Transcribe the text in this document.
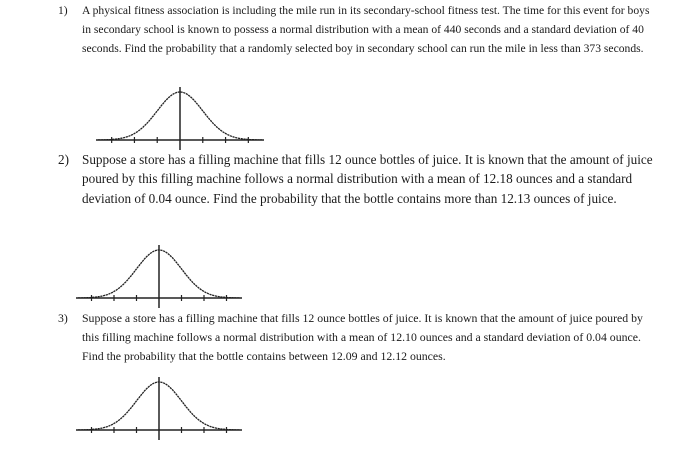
1) A physical fitness association is including the mile run in its secondary-school fitness test. The time for this event for boys in secondary school is known to possess a normal distribution with a mean of 440 seconds and a standard deviation of 40 seconds. Find the probability that a randomly selected boy in secondary school can run the mile in less than 373 seconds.
2) Suppose a store has a filling machine that fills 12 ounce bottles of juice. It is known that the amount of juice poured by this filling machine follows a normal distribution with a mean of 12.18 ounces and a standard deviation of 0.04 ounce. Find the probability that the bottle contains more than 12.13 ounces of juice.
3) Suppose a store has a filling machine that fills 12 ounce bottles of juice. It is known that the amount of juice poured by this filling machine follows a normal distribution with a mean of 12.10 ounces and a standard deviation of 0.04 ounce. Find the probability that the bottle contains between 12.09 and 12.12 ounces.
